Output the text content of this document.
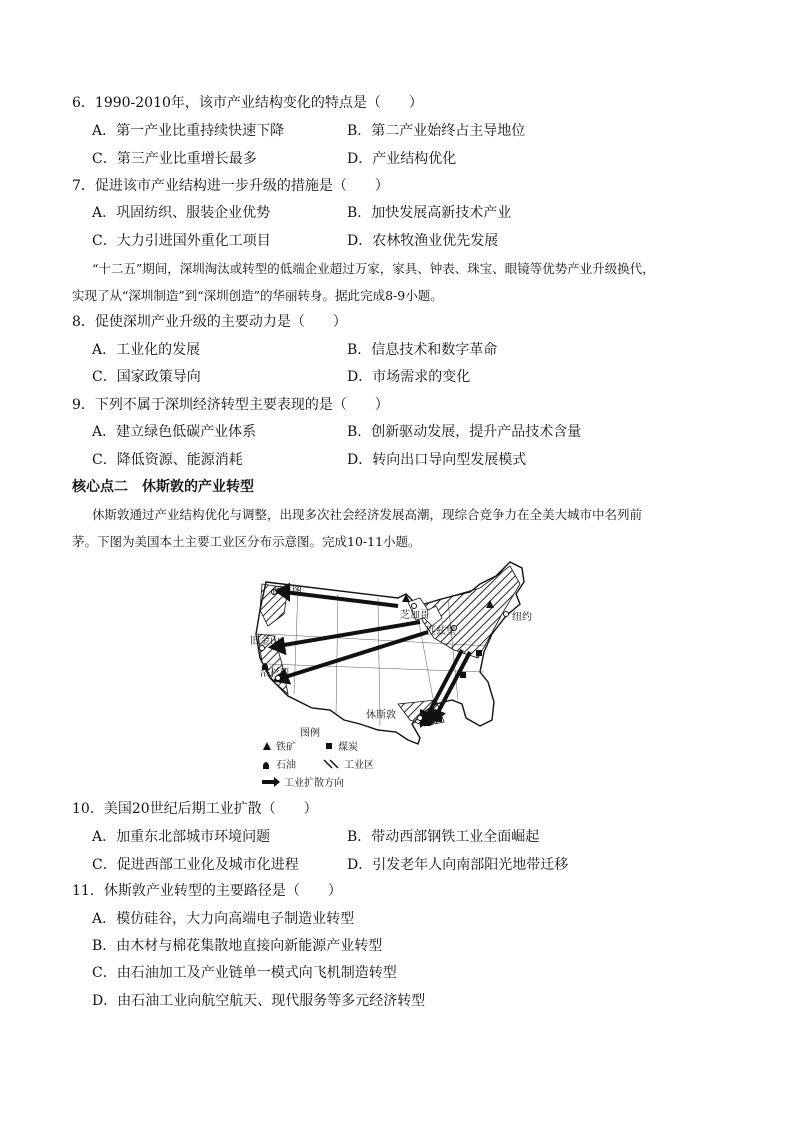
6．1990-2010年，该市产业结构变化的特点是（　　）
A．第一产业比重持续快速下降	B．第二产业始终占主导地位
C．第三产业比重增长最多	D．产业结构优化
7．促进该市产业结构进一步升级的措施是（　　）
A．巩固纺织、服装企业优势	B．加快发展高新技术产业
C．大力引进国外重化工项目	D．农林牧渔业优先发展
“十二五”期间，深圳淘汰或转型的低端企业超过万家，家具、钟表、珠宝、眼镜等优势产业升级换代，
实现了从“深圳制造”到“深圳创造”的华丽转身。据此完成8-9小题。
8．促使深圳产业升级的主要动力是（　　）
A．工业化的发展	B．信息技术和数字革命
C．国家政策导向	D．市场需求的变化
9．下列不属于深圳经济转型主要表现的是（　　）
A．建立绿色低碳产业体系	B．创新驱动发展，提升产品技术含量
C．降低资源、能源消耗	D．转向出口导向型发展模式
核心点二　休斯敦的产业转型
休斯敦通过产业结构优化与调整，出现多次社会经济发展高潮，现综合竞争力在全美大城市中名列前
茅。下图为美国本土主要工业区分布示意图。完成10-11小题。
西雅图
芝加哥
匹兹堡
纽约
旧金山
洛杉矶
休斯敦
图例
铁矿	煤炭
石油	工业区
工业扩散方向
10．美国20世纪后期工业扩散（　　）
A．加重东北部城市环境问题	B．带动西部钢铁工业全面崛起
C．促进西部工业化及城市化进程	D．引发老年人向南部阳光地带迁移
11．休斯敦产业转型的主要路径是（　　）
A．模仿硅谷，大力向高端电子制造业转型
B．由木材与棉花集散地直接向新能源产业转型
C．由石油加工及产业链单一模式向飞机制造转型
D．由石油工业向航空航天、现代服务等多元经济转型
